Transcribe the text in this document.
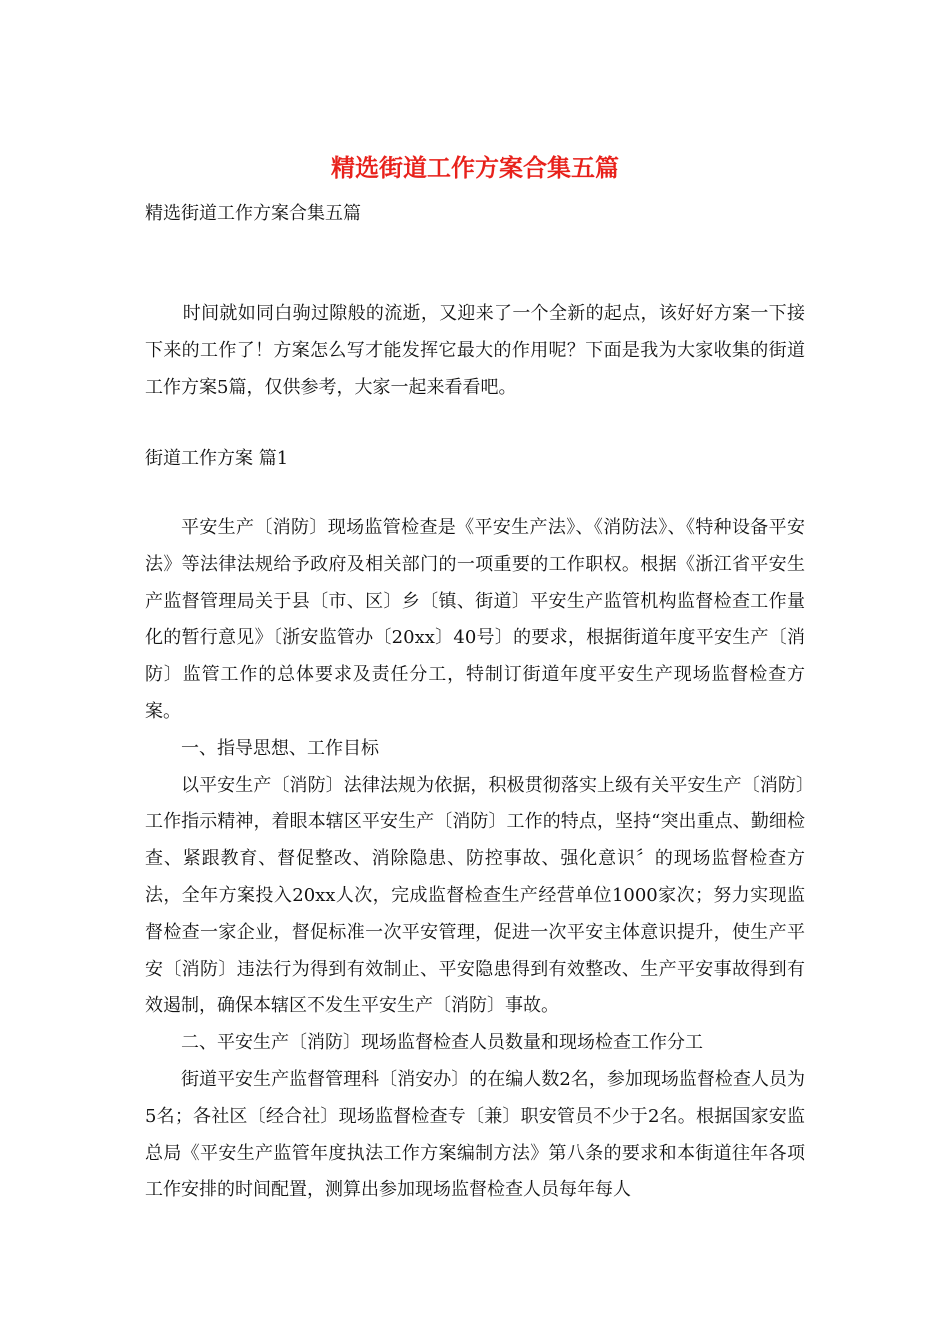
精选街道工作方案合集五篇
精选街道工作方案合集五篇

时间就如同白驹过隙般的流逝，又迎来了一个全新的起点，该好好方案一下接下来的工作了！方案怎么写才能发挥它最大的作用呢？下面是我为大家收集的街道工作方案5篇，仅供参考，大家一起来看看吧。

街道工作方案 篇1

平安生产〔消防〕现场监管检查是《平安生产法》、《消防法》、《特种设备平安法》等法律法规给予政府及相关部门的一项重要的工作职权。根据《浙江省平安生产监督管理局关于县〔市、区〕乡〔镇、街道〕平安生产监管机构监督检查工作量化的暂行意见》〔浙安监管办〔20xx〕40号〕的要求，根据街道年度平安生产〔消防〕监管工作的总体要求及责任分工，特制订街道年度平安生产现场监督检查方案。

一、指导思想、工作目标

以平安生产〔消防〕法律法规为依据，积极贯彻落实上级有关平安生产〔消防〕工作指示精神，着眼本辖区平安生产〔消防〕工作的特点，坚持“突出重点、勤细检查、紧跟教育、督促整改、消除隐患、防控事故、强化意识〞的现场监督检查方法，全年方案投入20xx人次，完成监督检查生产经营单位1000家次；努力实现监督检查一家企业，督促标准一次平安管理，促进一次平安主体意识提升，使生产平安〔消防〕违法行为得到有效制止、平安隐患得到有效整改、生产平安事故得到有效遏制，确保本辖区不发生平安生产〔消防〕事故。

二、平安生产〔消防〕现场监督检查人员数量和现场检查工作分工

街道平安生产监督管理科〔消安办〕的在编人数2名，参加现场监督检查人员为5名；各社区〔经合社〕现场监督检查专〔兼〕职安管员不少于2名。根据国家安监总局《平安生产监管年度执法工作方案编制方法》第八条的要求和本街道往年各项工作安排的时间配置，测算出参加现场监督检查人员每年每人
